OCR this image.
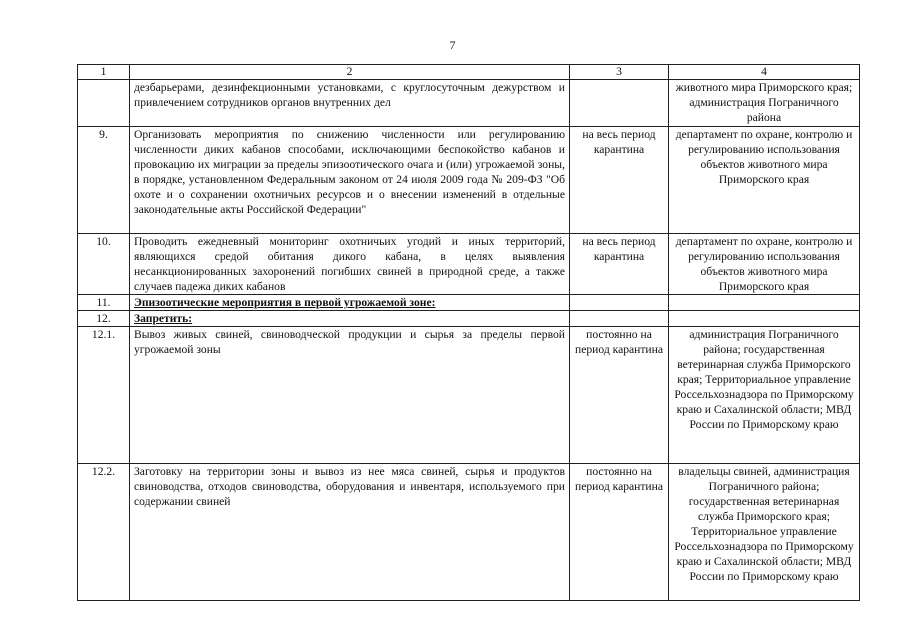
7
1	2	3	4
	дезбарьерами, дезинфекционными установками, с круглосуточным дежурством и привлечением сотрудников органов внутренних дел		животного мира Приморского края; администрация Пограничного района
9.	Организовать мероприятия по снижению численности или регулированию численности диких кабанов способами, исключающими беспокойство кабанов и провокацию их миграции за пределы эпизоотического очага и (или) угрожаемой зоны, в порядке, установленном Федеральным законом от 24 июля 2009 года № 209-ФЗ "Об охоте и о сохранении охотничьих ресурсов и о внесении изменений в отдельные законодательные акты Российской Федерации"	на весь период карантина	департамент по охране, контролю и регулированию использования объектов животного мира Приморского края
10.	Проводить ежедневный мониторинг охотничьих угодий и иных территорий, являющихся средой обитания дикого кабана, в целях выявления несанкционированных захоронений погибших свиней в природной среде, а также случаев падежа диких кабанов	на весь период карантина	департамент по охране, контролю и регулированию использования объектов животного мира Приморского края
11.	Эпизоотические мероприятия в первой угрожаемой зоне:		
12.	Запретить:		
12.1.	Вывоз живых свиней, свиноводческой продукции и сырья за пределы первой угрожаемой зоны	постоянно на период карантина	администрация Пограничного района; государственная ветеринарная служба Приморского края; Территориальное управление Россельхознадзора по Приморскому краю и Сахалинской области; МВД России по Приморскому краю
12.2.	Заготовку на территории зоны и вывоз из нее мяса свиней, сырья и продуктов свиноводства, отходов свиноводства, оборудования и инвентаря, используемого при содержании свиней	постоянно на период карантина	владельцы свиней, администрация Пограничного района; государственная ветеринарная служба Приморского края; Территориальное управление Россельхознадзора по Приморскому краю и Сахалинской области; МВД России по Приморскому краю
